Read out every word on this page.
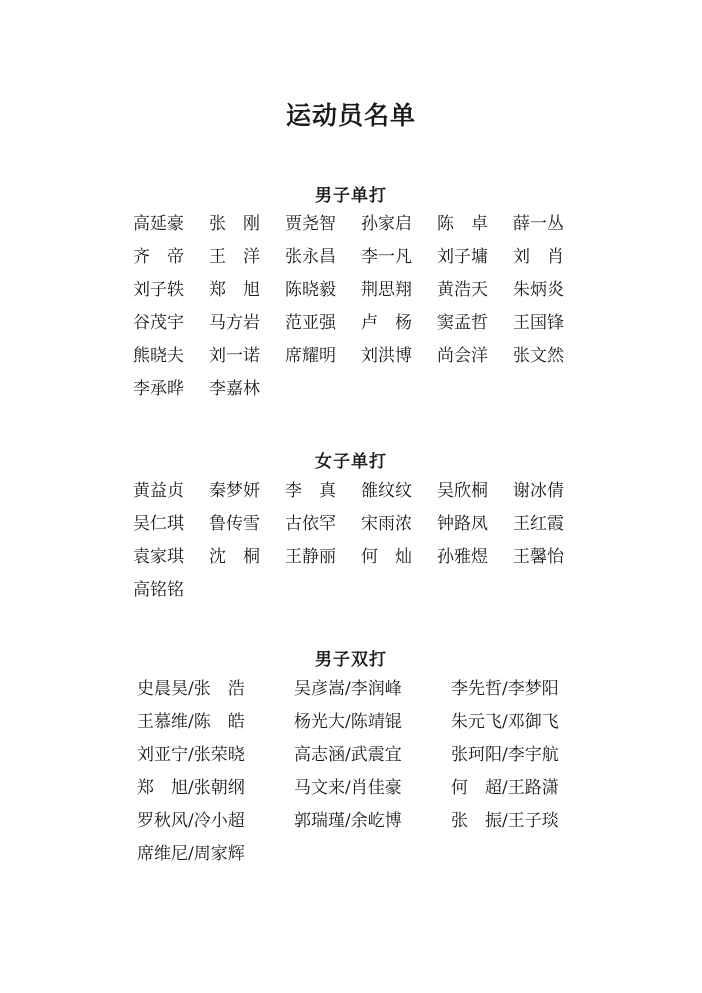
运动员名单
男子单打
高延豪	张　刚	贾尧智	孙家启	陈　卓	薛一丛
齐　帝	王　洋	张永昌	李一凡	刘子墉	刘　肖
刘子轶	郑　旭	陈晓毅	荆思翔	黄浩天	朱炳炎
谷茂宇	马方岩	范亚强	卢　杨	窦孟哲	王国锋
熊晓夫	刘一诺	席耀明	刘洪博	尚会洋	张文然
李承晔	李嘉林
女子单打
黄益贞	秦梦妍	李　真	雒纹纹	吴欣桐	谢冰倩
吴仁琪	鲁传雪	古依罕	宋雨浓	钟路凤	王红霞
袁家琪	沈　桐	王静丽	何　灿	孙雅煜	王馨怡
高铭铭
男子双打
史晨昊/张　浩	吴彦嵩/李润峰	李先哲/李梦阳
王慕维/陈　皓	杨光大/陈靖锟	朱元飞/邓御飞
刘亚宁/张荣晓	高志涵/武震宜	张珂阳/李宇航
郑　旭/张朝纲	马文来/肖佳豪	何　超/王路潇
罗秋风/冷小超	郭瑞瑾/余屹博	张　振/王子琰
席维尼/周家辉
